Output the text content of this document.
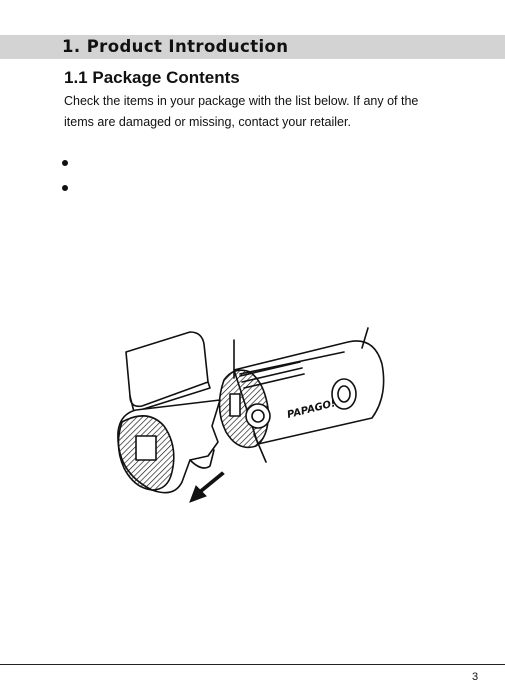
1. Product Introduction
1.1 Package Contents
Check the items in your package with the list below. If any of the
items are damaged or missing, contact your retailer.
PAPAGO!
3
